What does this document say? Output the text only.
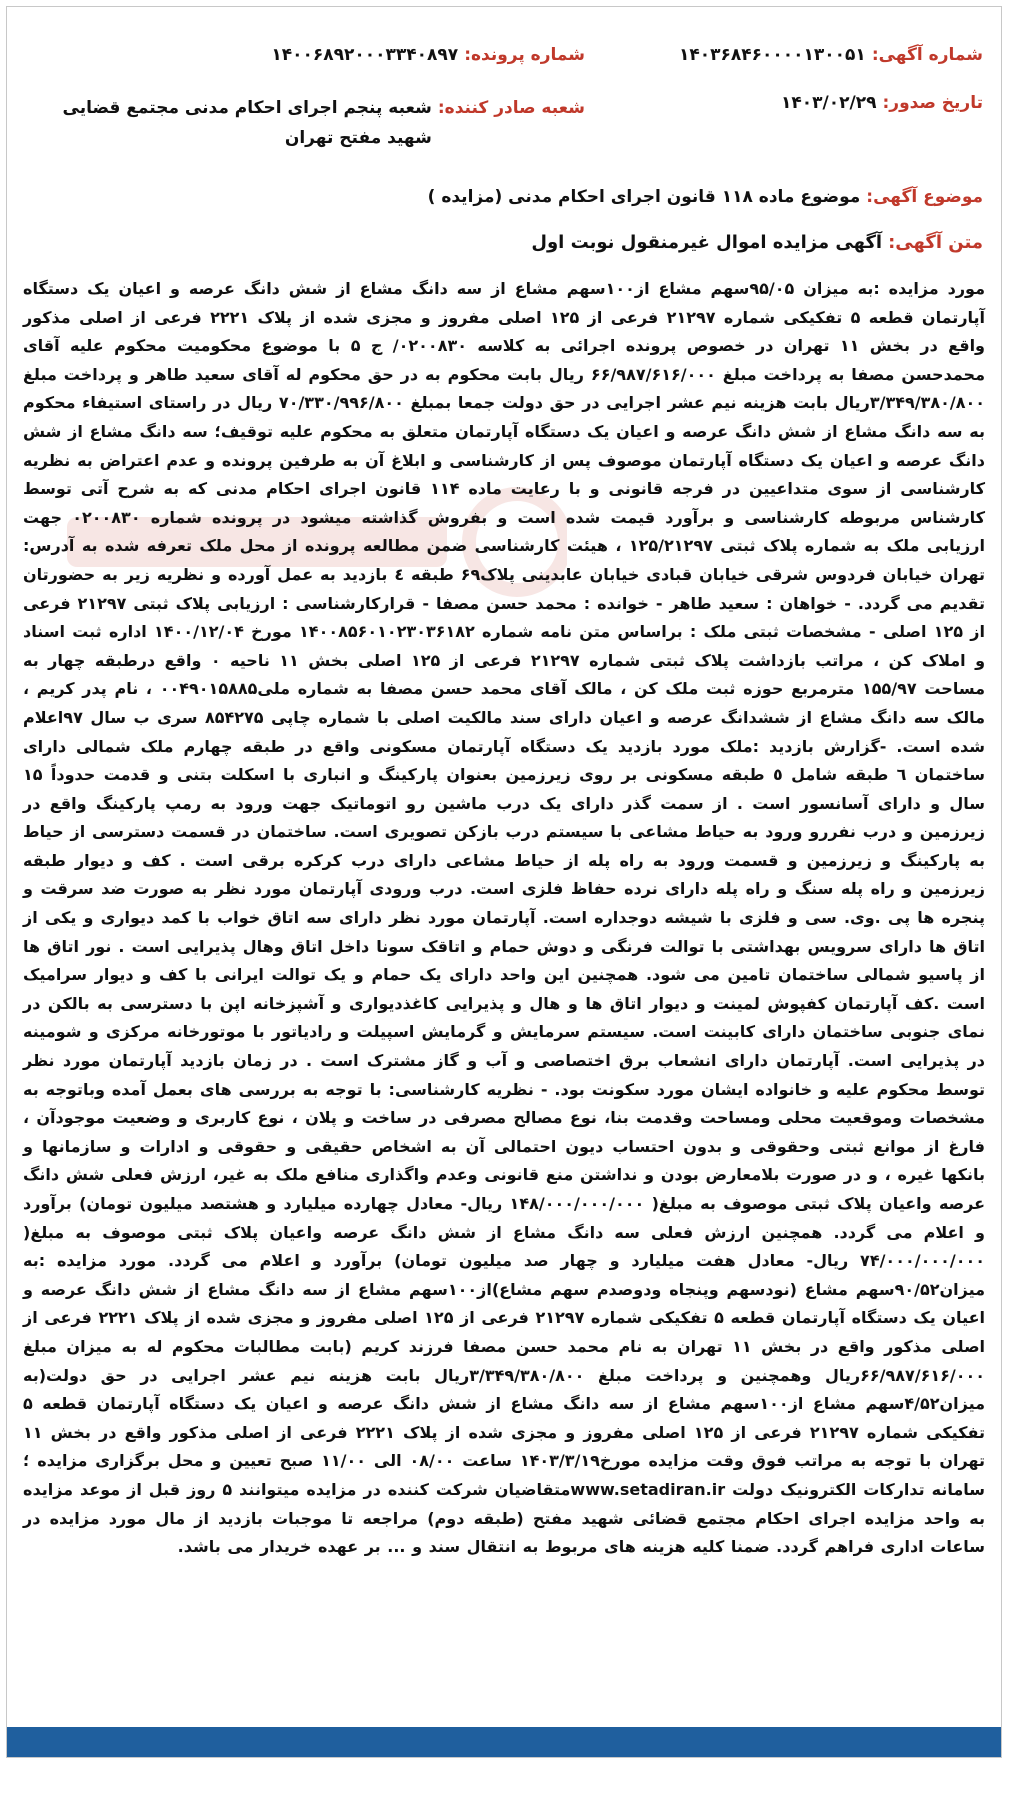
شماره آگهی:
۱۴۰۳۶۸۴۶۰۰۰۰۱۳۰۰۵۱
شماره پرونده:
۱۴۰۰۶۸۹۲۰۰۰۳۳۴۰۸۹۷
تاریخ صدور:
۱۴۰۳/۰۲/۲۹
شعبه صادر کننده:
شعبه پنجم اجرای احکام مدنی مجتمع قضایی شهید مفتح تهران
موضوع آگهی:
موضوع ماده ۱۱۸ قانون اجرای احکام مدنی (مزایده )
متن آگهی:
آگهی مزایده اموال غیرمنقول نوبت اول
مورد مزایده :به میزان ۹۵/۰۵سهم مشاع از۱۰۰سهم مشاع از سه دانگ مشاع از شش دانگ عرصه و اعیان یک دستگاه آپارتمان قطعه ۵ تفکیکی شماره ۲۱۲۹۷ فرعی از ۱۲۵ اصلی مفروز و مجزی شده از پلاک ۲۲۲۱ فرعی از اصلی مذکور واقع در بخش ۱۱ تهران در خصوص پرونده اجرائی به کلاسه ۰۲۰۰۸۳۰/ ج ۵ با موضوع محکومیت محکوم علیه آقای محمدحسن مصفا به پرداخت مبلغ ۶۶/۹۸۷/۶۱۶/۰۰۰ ریال بابت محکوم به در حق محکوم له آقای سعید طاهر و پرداخت مبلغ ۳/۳۴۹/۳۸۰/۸۰۰ریال بابت هزینه نیم عشر اجرایی در حق دولت جمعا بمبلغ ۷۰/۳۳۰/۹۹۶/۸۰۰ ریال در راستای استیفاء محکوم به سه دانگ مشاع از شش دانگ عرصه و اعیان یک دستگاه آپارتمان متعلق به محکوم علیه توقیف؛ سه دانگ مشاع از شش دانگ عرصه و اعیان یک دستگاه آپارتمان موصوف پس از کارشناسی و ابلاغ آن به طرفین پرونده و عدم اعتراض به نظریه کارشناسی از سوی متداعیین در فرجه قانونی و با رعایت ماده ۱۱۴ قانون اجرای احکام مدنی که به شرح آتی توسط کارشناس مربوطه کارشناسی و برآورد قیمت شده است و بفروش گذاشته میشود در پرونده شماره ۰۲۰۰۸۳۰ جهت ارزیابی ملک به شماره پلاک ثبتی ۱۲۵/۲۱۲۹۷ ، هیئت کارشناسی ضمن مطالعه پرونده از محل ملک تعرفه شده به آدرس: تهران خیابان فردوس شرقی خیابان قبادی خیابان عابدینی پلاک۶۹ طبقه ٤ بازدید به عمل آورده و نظریه زیر به حضورتان تقدیم می گردد. - خواهان : سعید طاهر - خوانده : محمد حسن مصفا - قرارکارشناسی : ارزیابی پلاک ثبتی ۲۱۲۹۷ فرعی از ۱۲۵ اصلی - مشخصات ثبتی ملک : براساس متن نامه شماره ۱۴۰۰۸۵۶۰۱۰۲۳۰۳۶۱۸۲ مورخ ۱۴۰۰/۱۲/۰۴ اداره ثبت اسناد و املاک کن ، مراتب بازداشت پلاک ثبتی شماره ۲۱۲۹۷ فرعی از ۱۲۵ اصلی بخش ۱۱ ناحیه ۰ واقع درطبقه چهار به مساحت ۱۵۵/۹۷ مترمربع حوزه ثبت ملک کن ، مالک آقای محمد حسن مصفا به شماره ملی۰۰۴۹۰۱۵۸۸۵ ، نام پدر کریم ، مالک سه دانگ مشاع از ششدانگ عرصه و اعیان دارای سند مالکیت اصلی با شماره چاپی ۸۵۴۲۷۵ سری ب سال ۹۷اعلام شده است. -گزارش بازدید :ملک مورد بازدید یک دستگاه آپارتمان مسکونی واقع در طبقه چهارم ملک شمالی دارای ساختمان ٦ طبقه شامل ٥ طبقه مسکونی بر روی زیرزمین بعنوان پارکینگ و انباری با اسکلت بتنی و قدمت حدوداً ۱۵ سال و دارای آسانسور است . از سمت گذر دارای یک درب ماشین رو اتوماتیک جهت ورود به رمپ پارکینگ واقع در زیرزمین و درب نفررو ورود به حیاط مشاعی با سیستم درب بازکن تصویری است. ساختمان در قسمت دسترسی از حیاط به پارکینگ و زیرزمین و قسمت ورود به راه پله از حیاط مشاعی دارای درب کرکره برقی است . کف و دیوار طبقه زیرزمین و راه پله سنگ و راه پله دارای نرده حفاظ فلزی است. درب ورودی آپارتمان مورد نظر به صورت ضد سرقت و پنجره ها پی .وی. سی و فلزی با شیشه دوجداره است. آپارتمان مورد نظر دارای سه اتاق خواب با کمد دیواری و یکی از اتاق ها دارای سرویس بهداشتی با توالت فرنگی و دوش حمام و اتاقک سونا داخل اتاق وهال پذیرایی است . نور اتاق ها از پاسیو شمالی ساختمان تامین می شود. همچنین این واحد دارای یک حمام و یک توالت ایرانی با کف و دیوار سرامیک است .کف آپارتمان کفپوش لمینت و دیوار اتاق ها و هال و پذیرایی کاغذدیواری و آشپزخانه اپن با دسترسی به بالکن در نمای جنوبی ساختمان دارای کابینت است. سیستم سرمایش و گرمایش اسپیلت و رادیاتور با موتورخانه مرکزی و شومینه در پذیرایی است. آپارتمان دارای انشعاب برق اختصاصی و آب و گاز مشترک است . در زمان بازدید آپارتمان مورد نظر توسط محکوم علیه و خانواده ایشان مورد سکونت بود. - نظریه کارشناسی: با توجه به بررسی های بعمل آمده وباتوجه به مشخصات وموقعیت محلی ومساحت وقدمت بنا، نوع مصالح مصرفی در ساخت و پلان ، نوع کاربری و وضعیت موجودآن ، فارغ از موانع ثبتی وحقوقی و بدون احتساب دیون احتمالی آن به اشخاص حقیقی و حقوقی و ادارات و سازمانها و بانکها غیره ، و در صورت بلامعارض بودن و نداشتن منع قانونی وعدم واگذاری منافع ملک به غیر، ارزش فعلی شش دانگ عرصه واعیان پلاک ثبتی موصوف به مبلغ( ۱۴۸/۰۰۰/۰۰۰/۰۰۰ ریال- معادل چهارده میلیارد و هشتصد میلیون تومان) برآورد و اعلام می گردد. همچنین ارزش فعلی سه دانگ مشاع از شش دانگ عرصه واعیان پلاک ثبتی موصوف به مبلغ( ۷۴/۰۰۰/۰۰۰/۰۰۰ ریال- معادل هفت میلیارد و چهار صد میلیون تومان) برآورد و اعلام می گردد. مورد مزایده :به میزان۹۰/۵۲سهم مشاع (نودسهم وپنجاه ودوصدم سهم مشاع)از۱۰۰سهم مشاع از سه دانگ مشاع از شش دانگ عرصه و اعیان یک دستگاه آپارتمان قطعه ۵ تفکیکی شماره ۲۱۲۹۷ فرعی از ۱۲۵ اصلی مفروز و مجزی شده از پلاک ۲۲۲۱ فرعی از اصلی مذکور واقع در بخش ۱۱ تهران به نام محمد حسن مصفا فرزند کریم (بابت مطالبات محکوم له به میزان مبلغ ۶۶/۹۸۷/۶۱۶/۰۰۰ریال وهمچنین و پرداخت مبلغ ۳/۳۴۹/۳۸۰/۸۰۰ریال بابت هزینه نیم عشر اجرایی در حق دولت(به میزان۴/۵۲سهم مشاع از۱۰۰سهم مشاع از سه دانگ مشاع از شش دانگ عرصه و اعیان یک دستگاه آپارتمان قطعه ۵ تفکیکی شماره ۲۱۲۹۷ فرعی از ۱۲۵ اصلی مفروز و مجزی شده از پلاک ۲۲۲۱ فرعی از اصلی مذکور واقع در بخش ۱۱ تهران با توجه به مراتب فوق وقت مزایده مورخ۱۴۰۳/۳/۱۹ ساعت ۰۸/۰۰ الی ۱۱/۰۰ صبح تعیین و محل برگزاری مزایده ؛سامانه تدارکات الکترونیک دولت www.setadiran.irمتقاضیان شرکت کننده در مزایده میتوانند ۵ روز قبل از موعد مزایده به واحد مزایده اجرای احکام مجتمع قضائی شهید مفتح (طبقه دوم) مراجعه تا موجبات بازدید از مال مورد مزایده در ساعات اداری فراهم گردد. ضمنا کلیه هزینه های مربوط به انتقال سند و ... بر عهده خریدار می باشد.
